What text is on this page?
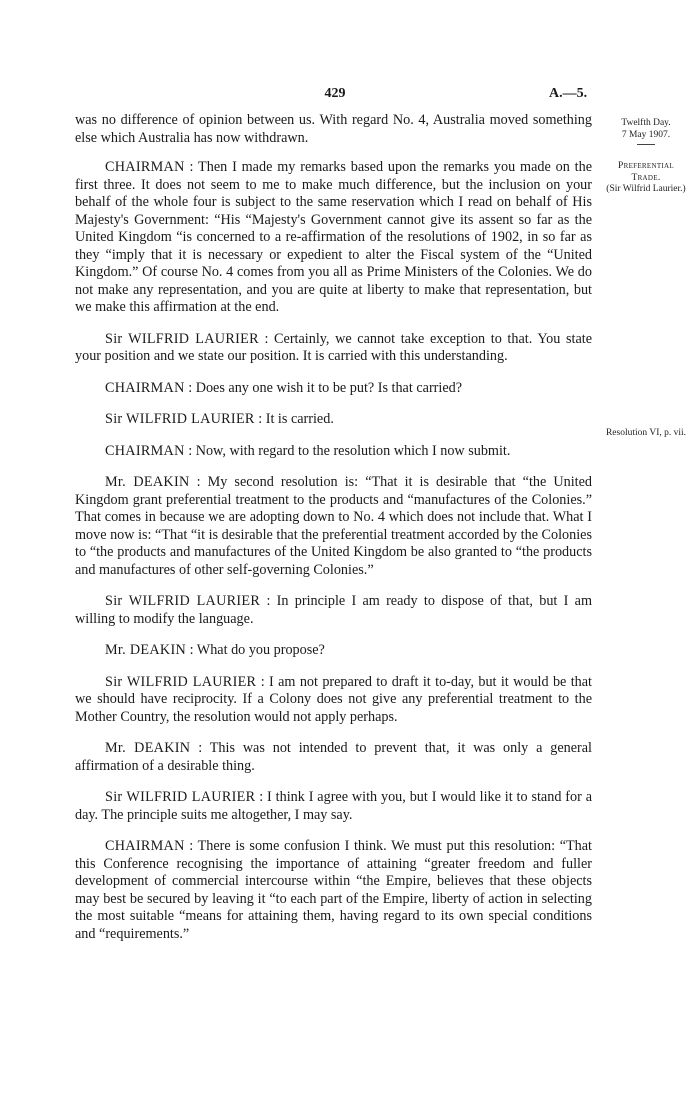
429	A.—5.
Twelfth Day.
7 May 1907.
Preferential
Trade.
(Sir Wilfrid Laurier.)
Resolution VI, p. vii.

was no difference of opinion between us. With regard No. 4, Australia moved something else which Australia has now withdrawn.

CHAIRMAN : Then I made my remarks based upon the remarks you made on the first three. It does not seem to me to make much difference, but the inclusion on your behalf of the whole four is subject to the same reservation which I read on behalf of His Majesty's Government: “His “Majesty's Government cannot give its assent so far as the United Kingdom “is concerned to a re-affirmation of the resolutions of 1902, in so far as they “imply that it is necessary or expedient to alter the Fiscal system of the “United Kingdom.” Of course No. 4 comes from you all as Prime Ministers of the Colonies. We do not make any representation, and you are quite at liberty to make that representation, but we make this affirmation at the end.

Sir WILFRID LAURIER : Certainly, we cannot take exception to that. You state your position and we state our position. It is carried with this understanding.

CHAIRMAN : Does any one wish it to be put? Is that carried?

Sir WILFRID LAURIER : It is carried.

CHAIRMAN : Now, with regard to the resolution which I now submit.

Mr. DEAKIN : My second resolution is: “That it is desirable that “the United Kingdom grant preferential treatment to the products and “manufactures of the Colonies.” That comes in because we are adopting down to No. 4 which does not include that. What I move now is: “That “it is desirable that the preferential treatment accorded by the Colonies to “the products and manufactures of the United Kingdom be also granted to “the products and manufactures of other self-governing Colonies.”

Sir WILFRID LAURIER : In principle I am ready to dispose of that, but I am willing to modify the language.

Mr. DEAKIN : What do you propose?

Sir WILFRID LAURIER : I am not prepared to draft it to-day, but it would be that we should have reciprocity. If a Colony does not give any preferential treatment to the Mother Country, the resolution would not apply perhaps.

Mr. DEAKIN : This was not intended to prevent that, it was only a general affirmation of a desirable thing.

Sir WILFRID LAURIER : I think I agree with you, but I would like it to stand for a day. The principle suits me altogether, I may say.

CHAIRMAN : There is some confusion I think. We must put this resolution: “That this Conference recognising the importance of attaining “greater freedom and fuller development of commercial intercourse within “the Empire, believes that these objects may best be secured by leaving it “to each part of the Empire, liberty of action in selecting the most suitable “means for attaining them, having regard to its own special conditions and “requirements.”
